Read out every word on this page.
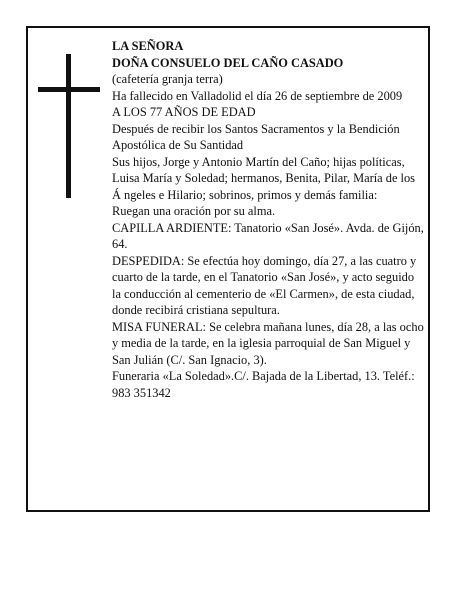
LA SEÑORA

DOÑA CONSUELO DEL CAÑO CASADO

(cafetería granja terra)

Ha fallecido en Valladolid el día 26 de septiembre de 2009

A LOS 77 AÑOS DE EDAD

Después de recibir los Santos Sacramentos y la Bendición Apostólica de Su Santidad

Sus hijos, Jorge y Antonio Martín del Caño; hijas políticas, Luisa María y Soledad; hermanos, Benita, Pilar, María de los Á ngeles e Hilario; sobrinos, primos y demás familia:

Ruegan una oración por su alma.

CAPILLA ARDIENTE: Tanatorio «San José». Avda. de Gijón, 64.

DESPEDIDA: Se efectúa hoy domingo, día 27, a las cuatro y cuarto de la tarde, en el Tanatorio «San José», y acto seguido la conducción al cementerio de «El Carmen», de esta ciudad, donde recibirá cristiana sepultura.

MISA FUNERAL: Se celebra mañana lunes, día 28, a las ocho y media de la tarde, en la iglesia parroquial de San Miguel y San Julián (C/. San Ignacio, 3).

Funeraria «La Soledad».C/. Bajada de la Libertad, 13. Teléf.: 983 351342
